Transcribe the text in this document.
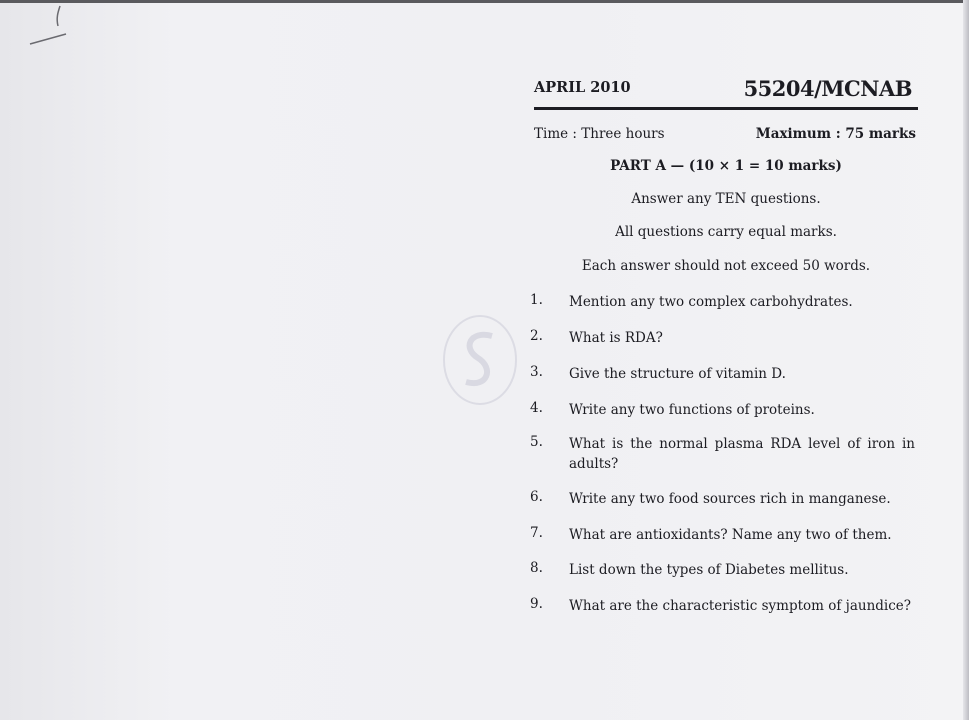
APRIL 2010	55204/MCNAB
Time : Three hours	Maximum : 75 marks
PART A — (10 × 1 = 10 marks)
Answer any TEN questions.
All questions carry equal marks.
Each answer should not exceed 50 words.
1.	Mention any two complex carbohydrates.
2.	What is RDA?
3.	Give the structure of vitamin D.
4.	Write any two functions of proteins.
5.	What is the normal plasma RDA level of iron in adults?
6.	Write any two food sources rich in manganese.
7.	What are antioxidants? Name any two of them.
8.	List down the types of Diabetes mellitus.
9.	What are the characteristic symptom of jaundice?
